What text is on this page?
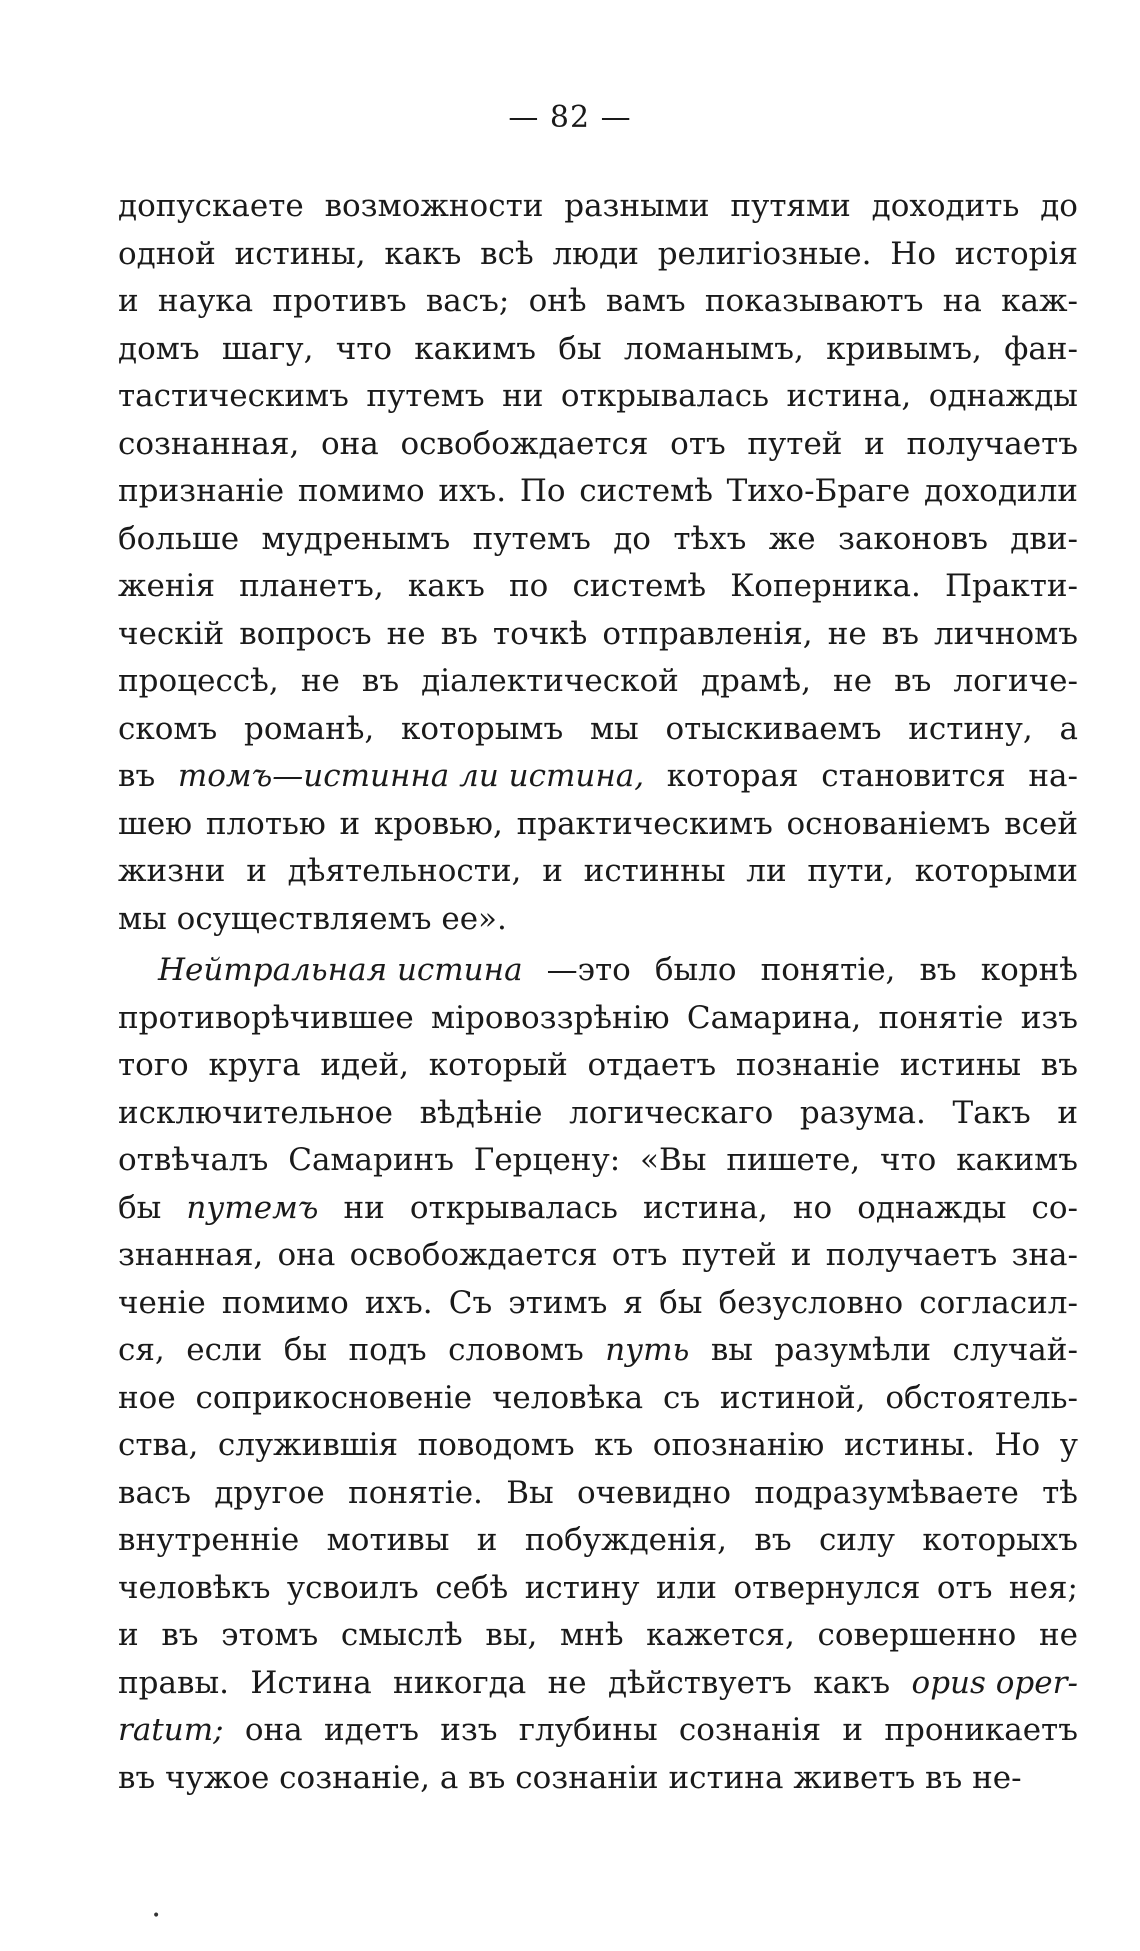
— 82 —
допускаете возможности разными путями доходить до
одной истины, какъ всѣ люди религіозные. Но исторія
и наука противъ васъ; онѣ вамъ показываютъ на каж-
домъ шагу, что какимъ бы ломанымъ, кривымъ, фан-
тастическимъ путемъ ни открывалась истина, однажды
сознанная, она освобождается отъ путей и получаетъ
признаніе помимо ихъ. По системѣ Тихо-Браге доходили
больше мудренымъ путемъ до тѣхъ же законовъ дви-
женія планетъ, какъ по системѣ Коперника. Практи-
ческій вопросъ не въ точкѣ отправленія, не въ личномъ
процессѣ, не въ діалектической драмѣ, не въ логиче-
скомъ романѣ, которымъ мы отыскиваемъ истину, а
въ томъ—истинна ли истина, которая становится на-
шею плотью и кровью, практическимъ основаніемъ всей
жизни и дѣятельности, и истинны ли пути, которыми
мы
осуществляемъ
ее».
Нейтральная истина —это было понятіе, въ корнѣ
противорѣчившее міровоззрѣнію Самарина, понятіе изъ
того круга идей, который отдаетъ познаніе истины въ
исключительное вѣдѣніе логическаго разума. Такъ и
отвѣчалъ Самаринъ Герцену: «Вы пишете, что какимъ
бы путемъ ни открывалась истина, но однажды со-
знанная, она освобождается отъ путей и получаетъ зна-
ченіе помимо ихъ. Съ этимъ я бы безусловно согласил-
ся, если бы подъ словомъ путь вы разумѣли случай-
ное соприкосновеніе человѣка съ истиной, обстоятель-
ства, служившія поводомъ къ опознанію истины. Но у
васъ другое понятіе. Вы очевидно подразумѣваете тѣ
внутренніе мотивы и побужденія, въ силу которыхъ
человѣкъ усвоилъ себѣ истину или отвернулся отъ нея;
и въ этомъ смыслѣ вы, мнѣ кажется, совершенно не
правы. Истина никогда не дѣйствуетъ какъ opus oper-
ratum; она идетъ изъ глубины сознанія и проникаетъ
въ
чужое
сознаніе,
а
въ
сознаніи
истина
живетъ
въ
не-
•
